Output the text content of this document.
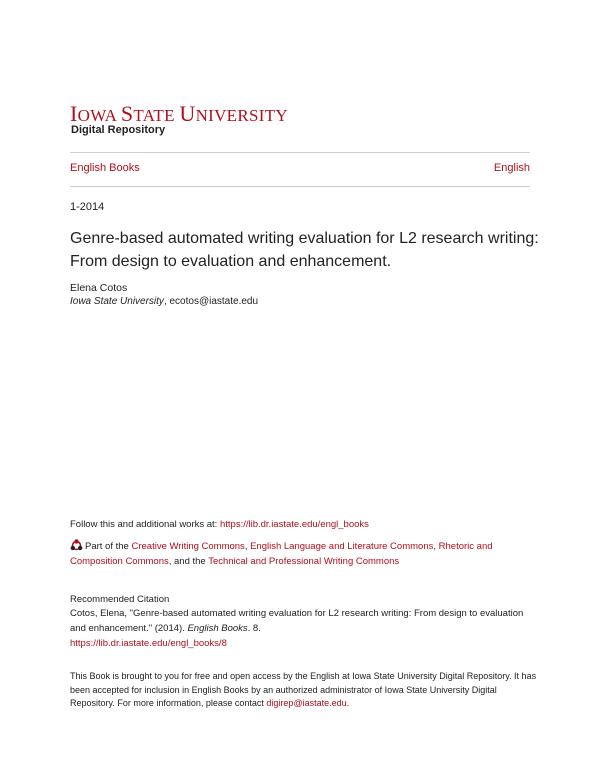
IOWA STATE UNIVERSITY
Digital Repository
English Books	English
1-2014
Genre-based automated writing evaluation for L2 research writing: From design to evaluation and enhancement.
Elena Cotos
Iowa State University, ecotos@iastate.edu
Follow this and additional works at: https://lib.dr.iastate.edu/engl_books
Part of the Creative Writing Commons, English Language and Literature Commons, Rhetoric and Composition Commons, and the Technical and Professional Writing Commons
Recommended Citation
Cotos, Elena, "Genre-based automated writing evaluation for L2 research writing: From design to evaluation and enhancement." (2014). English Books. 8.
https://lib.dr.iastate.edu/engl_books/8
This Book is brought to you for free and open access by the English at Iowa State University Digital Repository. It has been accepted for inclusion in English Books by an authorized administrator of Iowa State University Digital Repository. For more information, please contact digirep@iastate.edu.
